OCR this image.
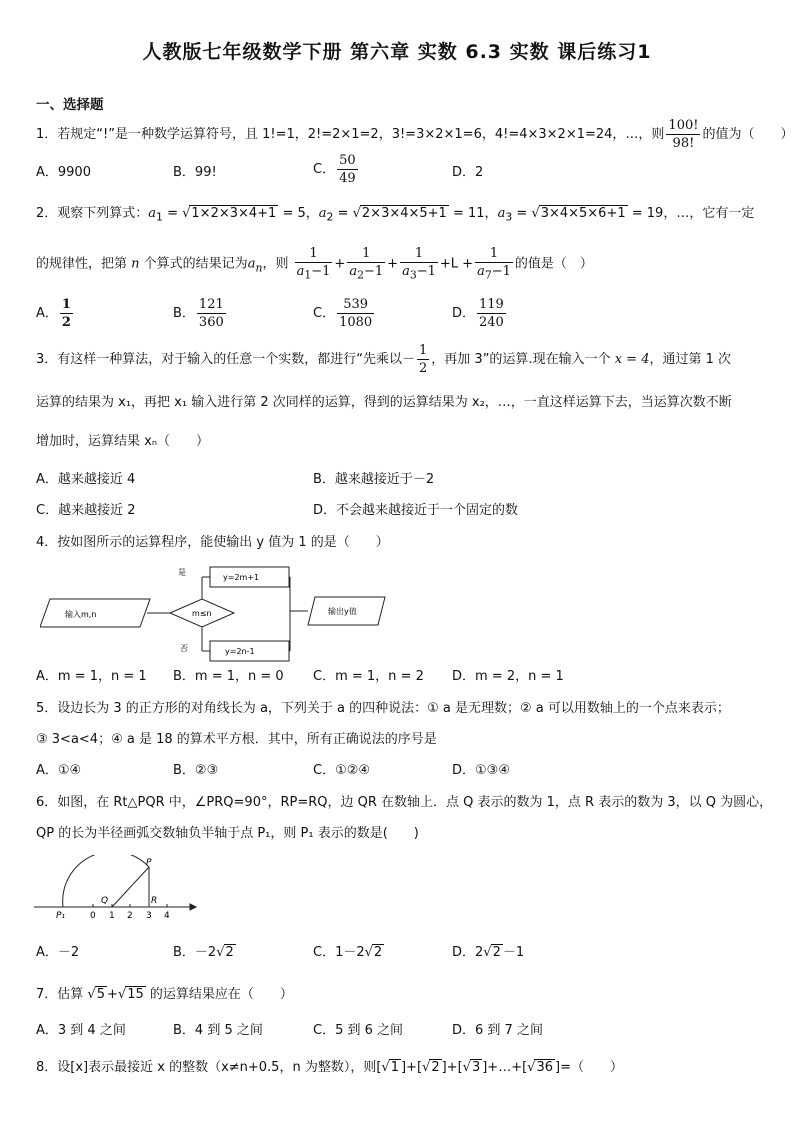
人教版七年级数学下册 第六章 实数 6.3 实数 课后练习1
一、选择题
1．若规定“!”是一种数学运算符号，且 1!=1，2!=2×1=2，3!=3×2×1=6，4!=4×3×2×1=24，…，则 $\frac{100!}{98!}$ 的值为（　　）
A．9900	B．99!	C． $\frac{50}{49}$	D．2
2．观察下列算式：$a_1 = √1\times 2\times 3\times 4+1 = 5$，$a_2 = √2\times 3\times 4\times 5+1 = 11$，$a_3 = √3\times 4\times 5\times 6+1 = 19$，…，它有一定
的规律性，把第 n 个算式的结果记为$a_n$，则 $\frac{1}{a_1-1} + \frac{1}{a_2-1} + \frac{1}{a_3-1} +L + \frac{1}{a_7-1}$ 的值是（　）
A． $\frac{1}{2}$	B． $\frac{121}{360}$	C． $\frac{539}{1080}$	D． $\frac{119}{240}$
3．有这样一种算法，对于输入的任意一个实数，都进行“先乘以－ $\frac{1}{2}$ ，再加 3”的运算.现在输入一个 x = 4，通过第 1 次
运算的结果为 x₁，再把 x₁ 输入进行第 2 次同样的运算，得到的运算结果为 x₂，…，一直这样运算下去，当运算次数不断
增加时，运算结果 xₙ（　　）
A．越来越接近 4	B．越来越接近于－2
C．越来越接近 2	D．不会越来越接近于一个固定的数
4．按如图所示的运算程序，能使输出 y 值为 1 的是（　　）
输入m,n	m≤n
是
否
y=2m+1
y=2n-1
输出y值
A．m = 1，n = 1 B．m = 1，n = 0 C．m = 1，n = 2 D．m = 2，n = 1
5．设边长为 3 的正方形的对角线长为 a，下列关于 a 的四种说法：① a 是无理数；② a 可以用数轴上的一个点来表示；
③ 3<a<4；④ a 是 18 的算术平方根．其中，所有正确说法的序号是
A．①④	B．②③	C．①②④	D．①③④
6．如图，在 Rt△PQR 中，∠PRQ=90°，RP=RQ，边 QR 在数轴上．点 Q 表示的数为 1，点 R 表示的数为 3，以 Q 为圆心，
QP 的长为半径画弧交数轴负半轴于点 P₁，则 P₁ 表示的数是(　　)
P
Q	R
P₁	0 1 2 3 4
A．－2	B．－2√2	C．1－2√2	D．2√2 －1
7．估算 √5 +√15 的运算结果应在（　　）
A．3 到 4 之间	B．4 到 5 之间	C．5 到 6 之间	D．6 到 7 之间
8．设[x]表示最接近 x 的整数（x≠n+0.5，n 为整数），则[√1 ]+[√2 ]+[√3 ]+…+[√36 ]=（　　）
